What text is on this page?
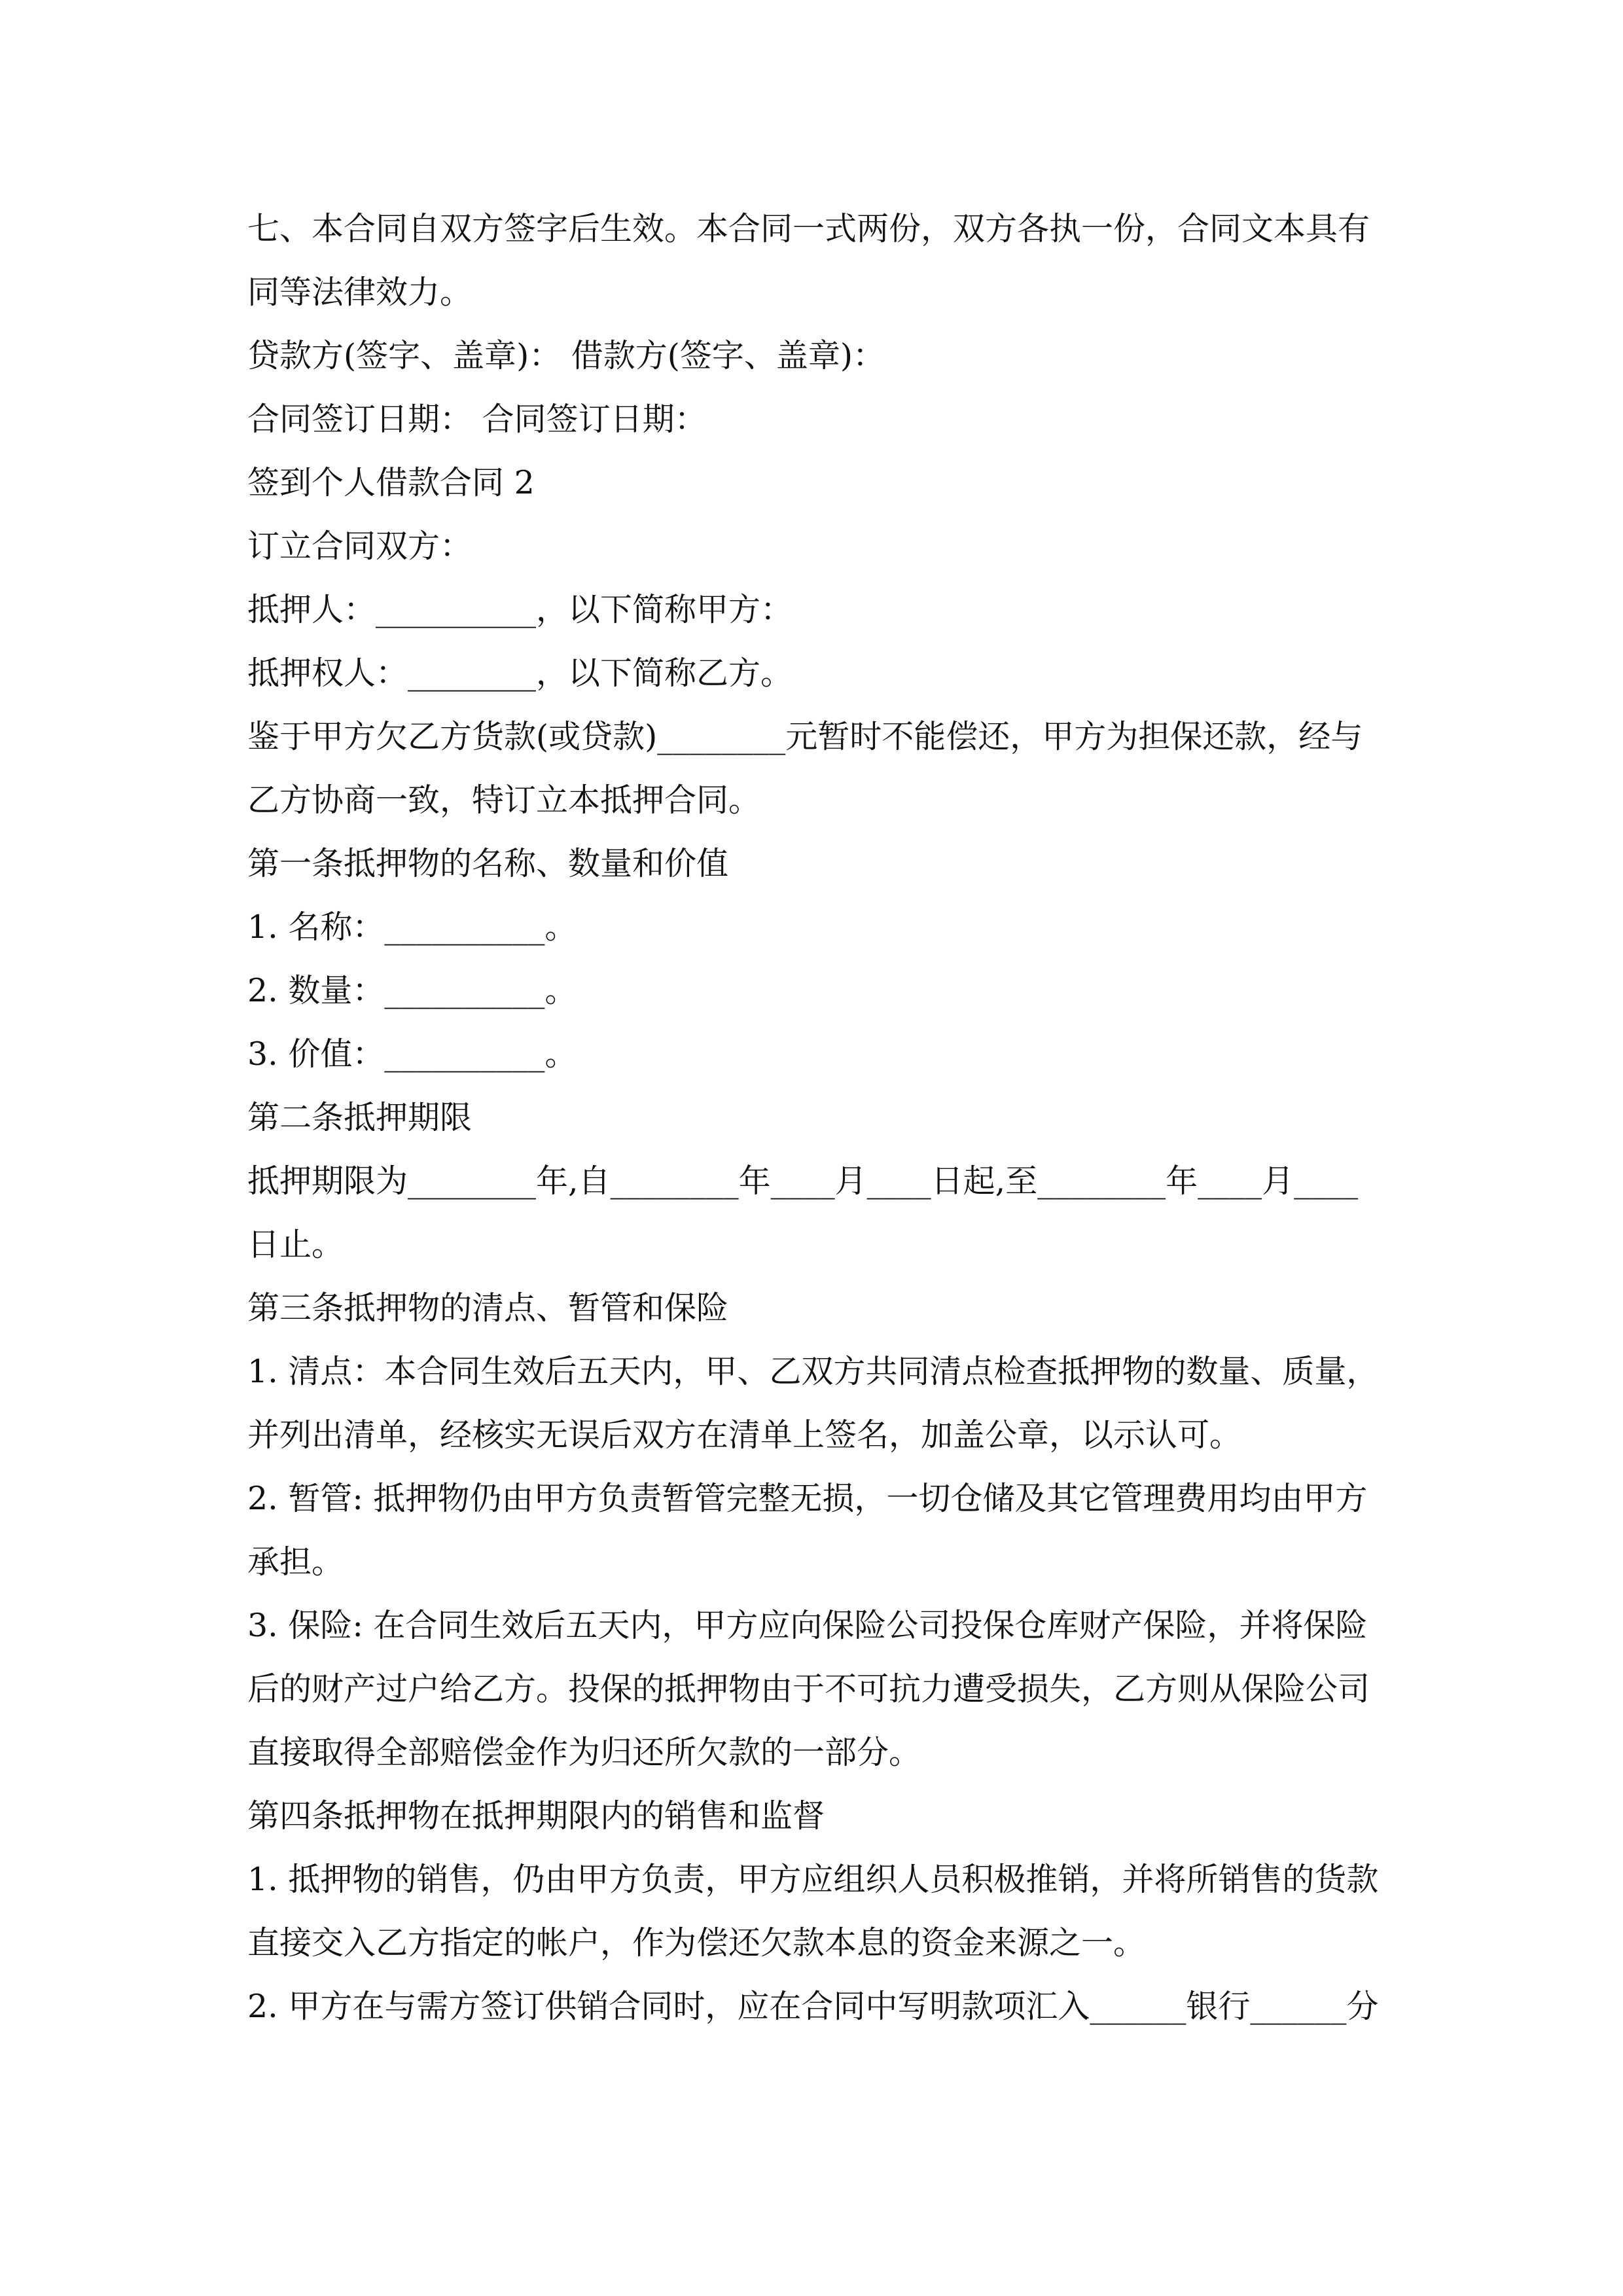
七、本合同自双方签字后生效。本合同一式两份，双方各执一份，合同文本具有
同等法律效力。
贷款方(签字、盖章)： 借款方(签字、盖章)：
合同签订日期： 合同签订日期：
签到个人借款合同 2
订立合同双方：
抵押人：__________，以下简称甲方：
抵押权人：________，以下简称乙方。
鉴于甲方欠乙方货款(或贷款)________元暂时不能偿还，甲方为担保还款，经与
乙方协商一致，特订立本抵押合同。
第一条抵押物的名称、数量和价值
1. 名称：__________。
2. 数量：__________。
3. 价值：__________。
第二条抵押期限
抵押期限为________年,自________年____月____日起,至________年____月____
日止。
第三条抵押物的清点、暂管和保险
1. 清点：本合同生效后五天内，甲、乙双方共同清点检查抵押物的数量、质量，
并列出清单，经核实无误后双方在清单上签名，加盖公章，以示认可。
2. 暂管: 抵押物仍由甲方负责暂管完整无损，一切仓储及其它管理费用均由甲方
承担。
3. 保险: 在合同生效后五天内，甲方应向保险公司投保仓库财产保险，并将保险
后的财产过户给乙方。投保的抵押物由于不可抗力遭受损失，乙方则从保险公司
直接取得全部赔偿金作为归还所欠款的一部分。
第四条抵押物在抵押期限内的销售和监督
1. 抵押物的销售，仍由甲方负责，甲方应组织人员积极推销，并将所销售的货款
直接交入乙方指定的帐户，作为偿还欠款本息的资金来源之一。
2. 甲方在与需方签订供销合同时，应在合同中写明款项汇入______银行______分
